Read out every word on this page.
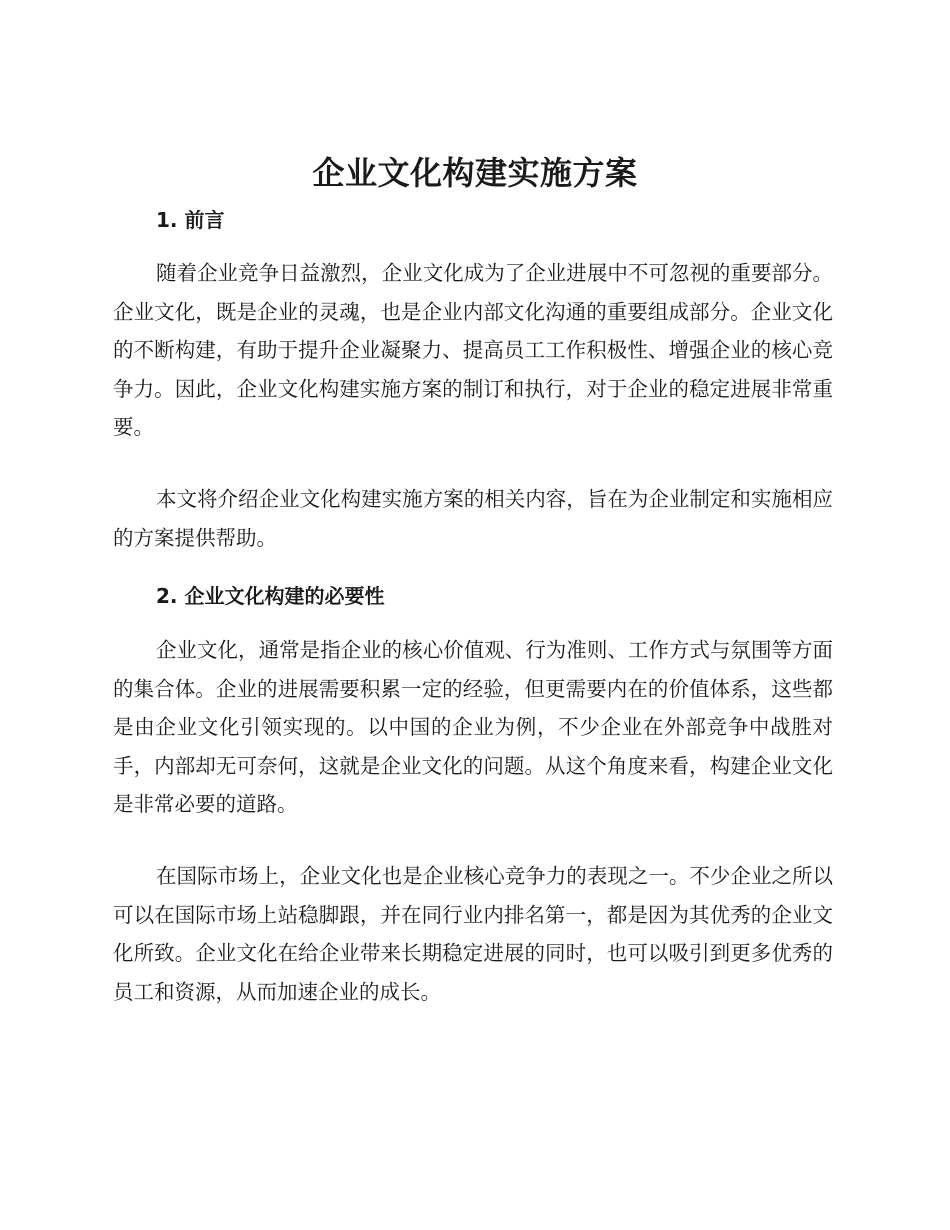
企业文化构建实施方案
1. 前言

随着企业竞争日益激烈，企业文化成为了企业进展中不可忽视的重要部分。企业文化，既是企业的灵魂，也是企业内部文化沟通的重要组成部分。企业文化的不断构建，有助于提升企业凝聚力、提高员工工作积极性、增强企业的核心竞争力。因此，企业文化构建实施方案的制订和执行，对于企业的稳定进展非常重要。

本文将介绍企业文化构建实施方案的相关内容，旨在为企业制定和实施相应的方案提供帮助。

2. 企业文化构建的必要性

企业文化，通常是指企业的核心价值观、行为准则、工作方式与氛围等方面的集合体。企业的进展需要积累一定的经验，但更需要内在的价值体系，这些都是由企业文化引领实现的。以中国的企业为例，不少企业在外部竞争中战胜对手，内部却无可奈何，这就是企业文化的问题。从这个角度来看，构建企业文化是非常必要的道路。

在国际市场上，企业文化也是企业核心竞争力的表现之一。不少企业之所以可以在国际市场上站稳脚跟，并在同行业内排名第一，都是因为其优秀的企业文化所致。企业文化在给企业带来长期稳定进展的同时，也可以吸引到更多优秀的员工和资源，从而加速企业的成长。
